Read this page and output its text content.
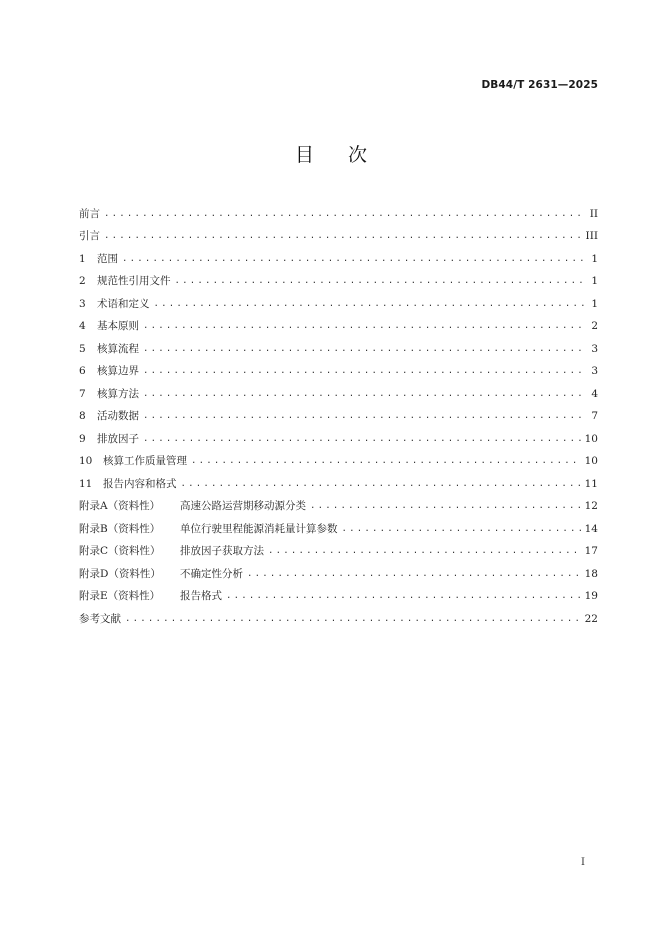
DB44/T 2631—2025
目 次
前言 .....	II
引言 .....	III
1	范围 .....	1
2	规范性引用文件 .....	1
3	术语和定义 .....	1
4	基本原则 .....	2
5	核算流程 .....	3
6	核算边界 .....	3
7	核算方法 .....	4
8	活动数据 .....	7
9	排放因子 .....	10
10	核算工作质量管理 .....	10
11	报告内容和格式 .....	11
附录A（资料性）	高速公路运营期移动源分类 .....	12
附录B（资料性）	单位行驶里程能源消耗量计算参数 .....	14
附录C（资料性）	排放因子获取方法 .....	17
附录D（资料性）	不确定性分析 .....	18
附录E（资料性）	报告格式 .....	19
参考文献 .....	22
I
